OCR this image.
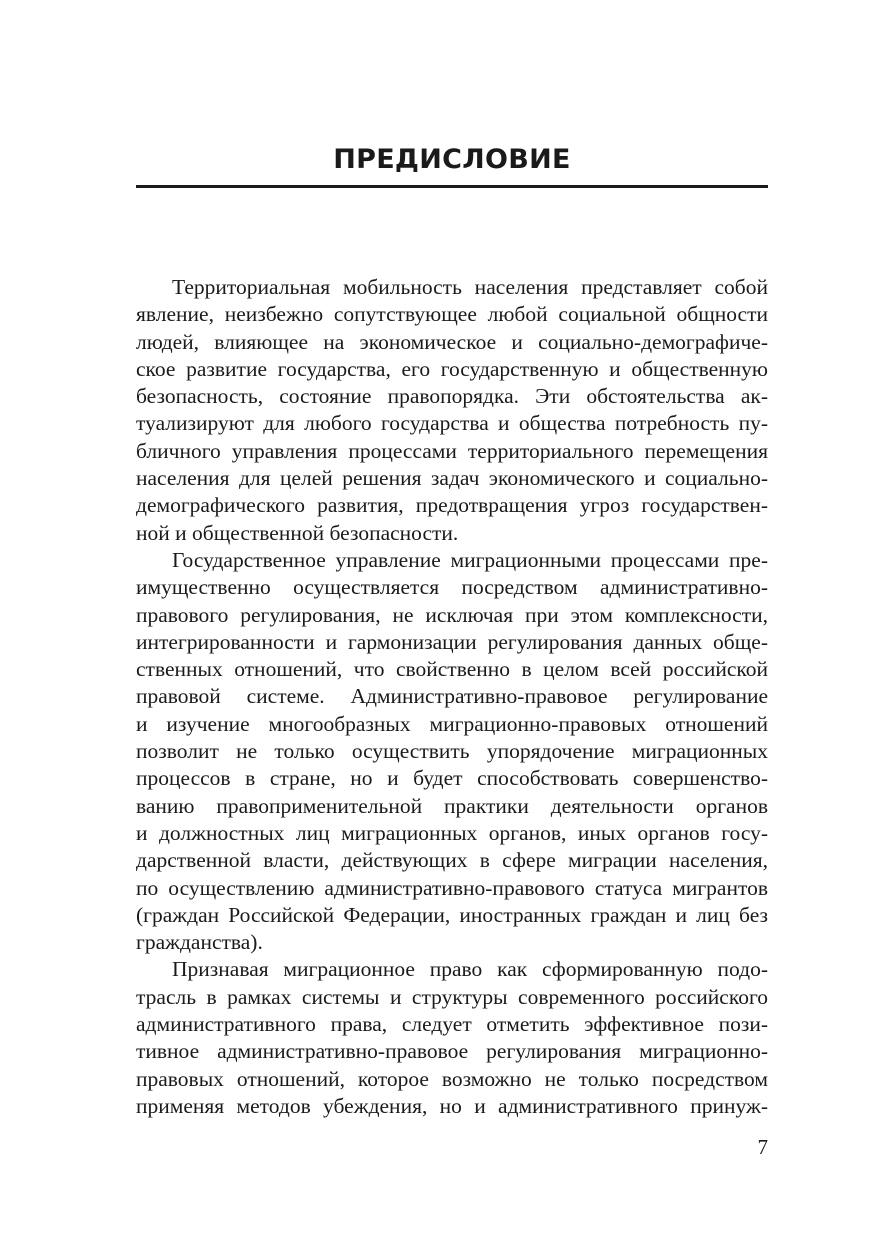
ПРЕДИСЛОВИЕ
Территориальная мобильность населения представляет собой
явление, неизбежно сопутствующее любой социальной общности
людей, влияющее на экономическое и социально-демографиче-
ское развитие государства, его государственную и общественную
безопасность, состояние правопорядка. Эти обстоятельства ак-
туализируют для любого государства и общества потребность пу-
бличного управления процессами территориального перемещения
населения для целей решения задач экономического и социально-
демографического развития, предотвращения угроз государствен-
ной и общественной безопасности.
Государственное управление миграционными процессами пре-
имущественно осуществляется посредством административно-
правового регулирования, не исключая при этом комплексности,
интегрированности и гармонизации регулирования данных обще-
ственных отношений, что свойственно в целом всей российской
правовой системе. Административно-правовое регулирование
и изучение многообразных миграционно-правовых отношений
позволит не только осуществить упорядочение миграционных
процессов в стране, но и будет способствовать совершенство-
ванию правоприменительной практики деятельности органов
и должностных лиц миграционных органов, иных органов госу-
дарственной власти, действующих в сфере миграции населения,
по осуществлению административно-правового статуса мигрантов
(граждан Российской Федерации, иностранных граждан и лиц без
гражданства).
Признавая миграционное право как сформированную подо-
трасль в рамках системы и структуры современного российского
административного права, следует отметить эффективное пози-
тивное административно-правовое регулирования миграционно-
правовых отношений, которое возможно не только посредством
применяя методов убеждения, но и административного принуж-
7
